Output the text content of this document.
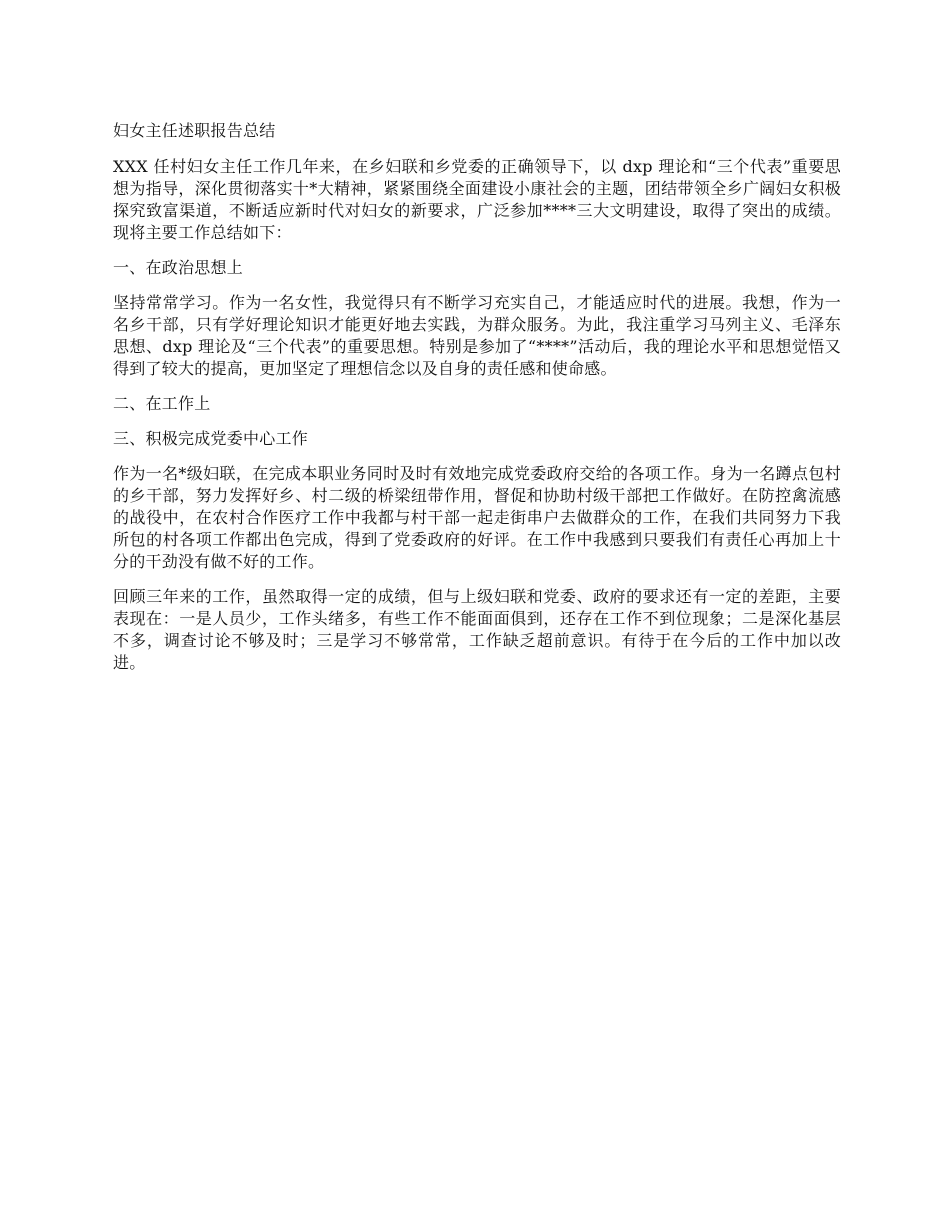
妇女主任述职报告总结

XXX 任村妇女主任工作几年来，在乡妇联和乡党委的正确领导下，以 dxp 理论和“三个代表”重要思想为指导，深化贯彻落实十*大精神，紧紧围绕全面建设小康社会的主题，团结带领全乡广阔妇女积极探究致富渠道，不断适应新时代对妇女的新要求，广泛参加****三大文明建设，取得了突出的成绩。现将主要工作总结如下：

一、在政治思想上

坚持常常学习。作为一名女性，我觉得只有不断学习充实自己，才能适应时代的进展。我想，作为一名乡干部，只有学好理论知识才能更好地去实践，为群众服务。为此，我注重学习马列主义、毛泽东思想、dxp 理论及“三个代表”的重要思想。特别是参加了“****”活动后，我的理论水平和思想觉悟又得到了较大的提高，更加坚定了理想信念以及自身的责任感和使命感。

二、在工作上

三、积极完成党委中心工作

作为一名*级妇联，在完成本职业务同时及时有效地完成党委政府交给的各项工作。身为一名蹲点包村的乡干部，努力发挥好乡、村二级的桥梁纽带作用，督促和协助村级干部把工作做好。在防控禽流感的战役中，在农村合作医疗工作中我都与村干部一起走街串户去做群众的工作，在我们共同努力下我所包的村各项工作都出色完成，得到了党委政府的好评。在工作中我感到只要我们有责任心再加上十分的干劲没有做不好的工作。

回顾三年来的工作，虽然取得一定的成绩，但与上级妇联和党委、政府的要求还有一定的差距，主要表现在：一是人员少，工作头绪多，有些工作不能面面俱到，还存在工作不到位现象；二是深化基层不多，调查讨论不够及时；三是学习不够常常，工作缺乏超前意识。有待于在今后的工作中加以改进。
